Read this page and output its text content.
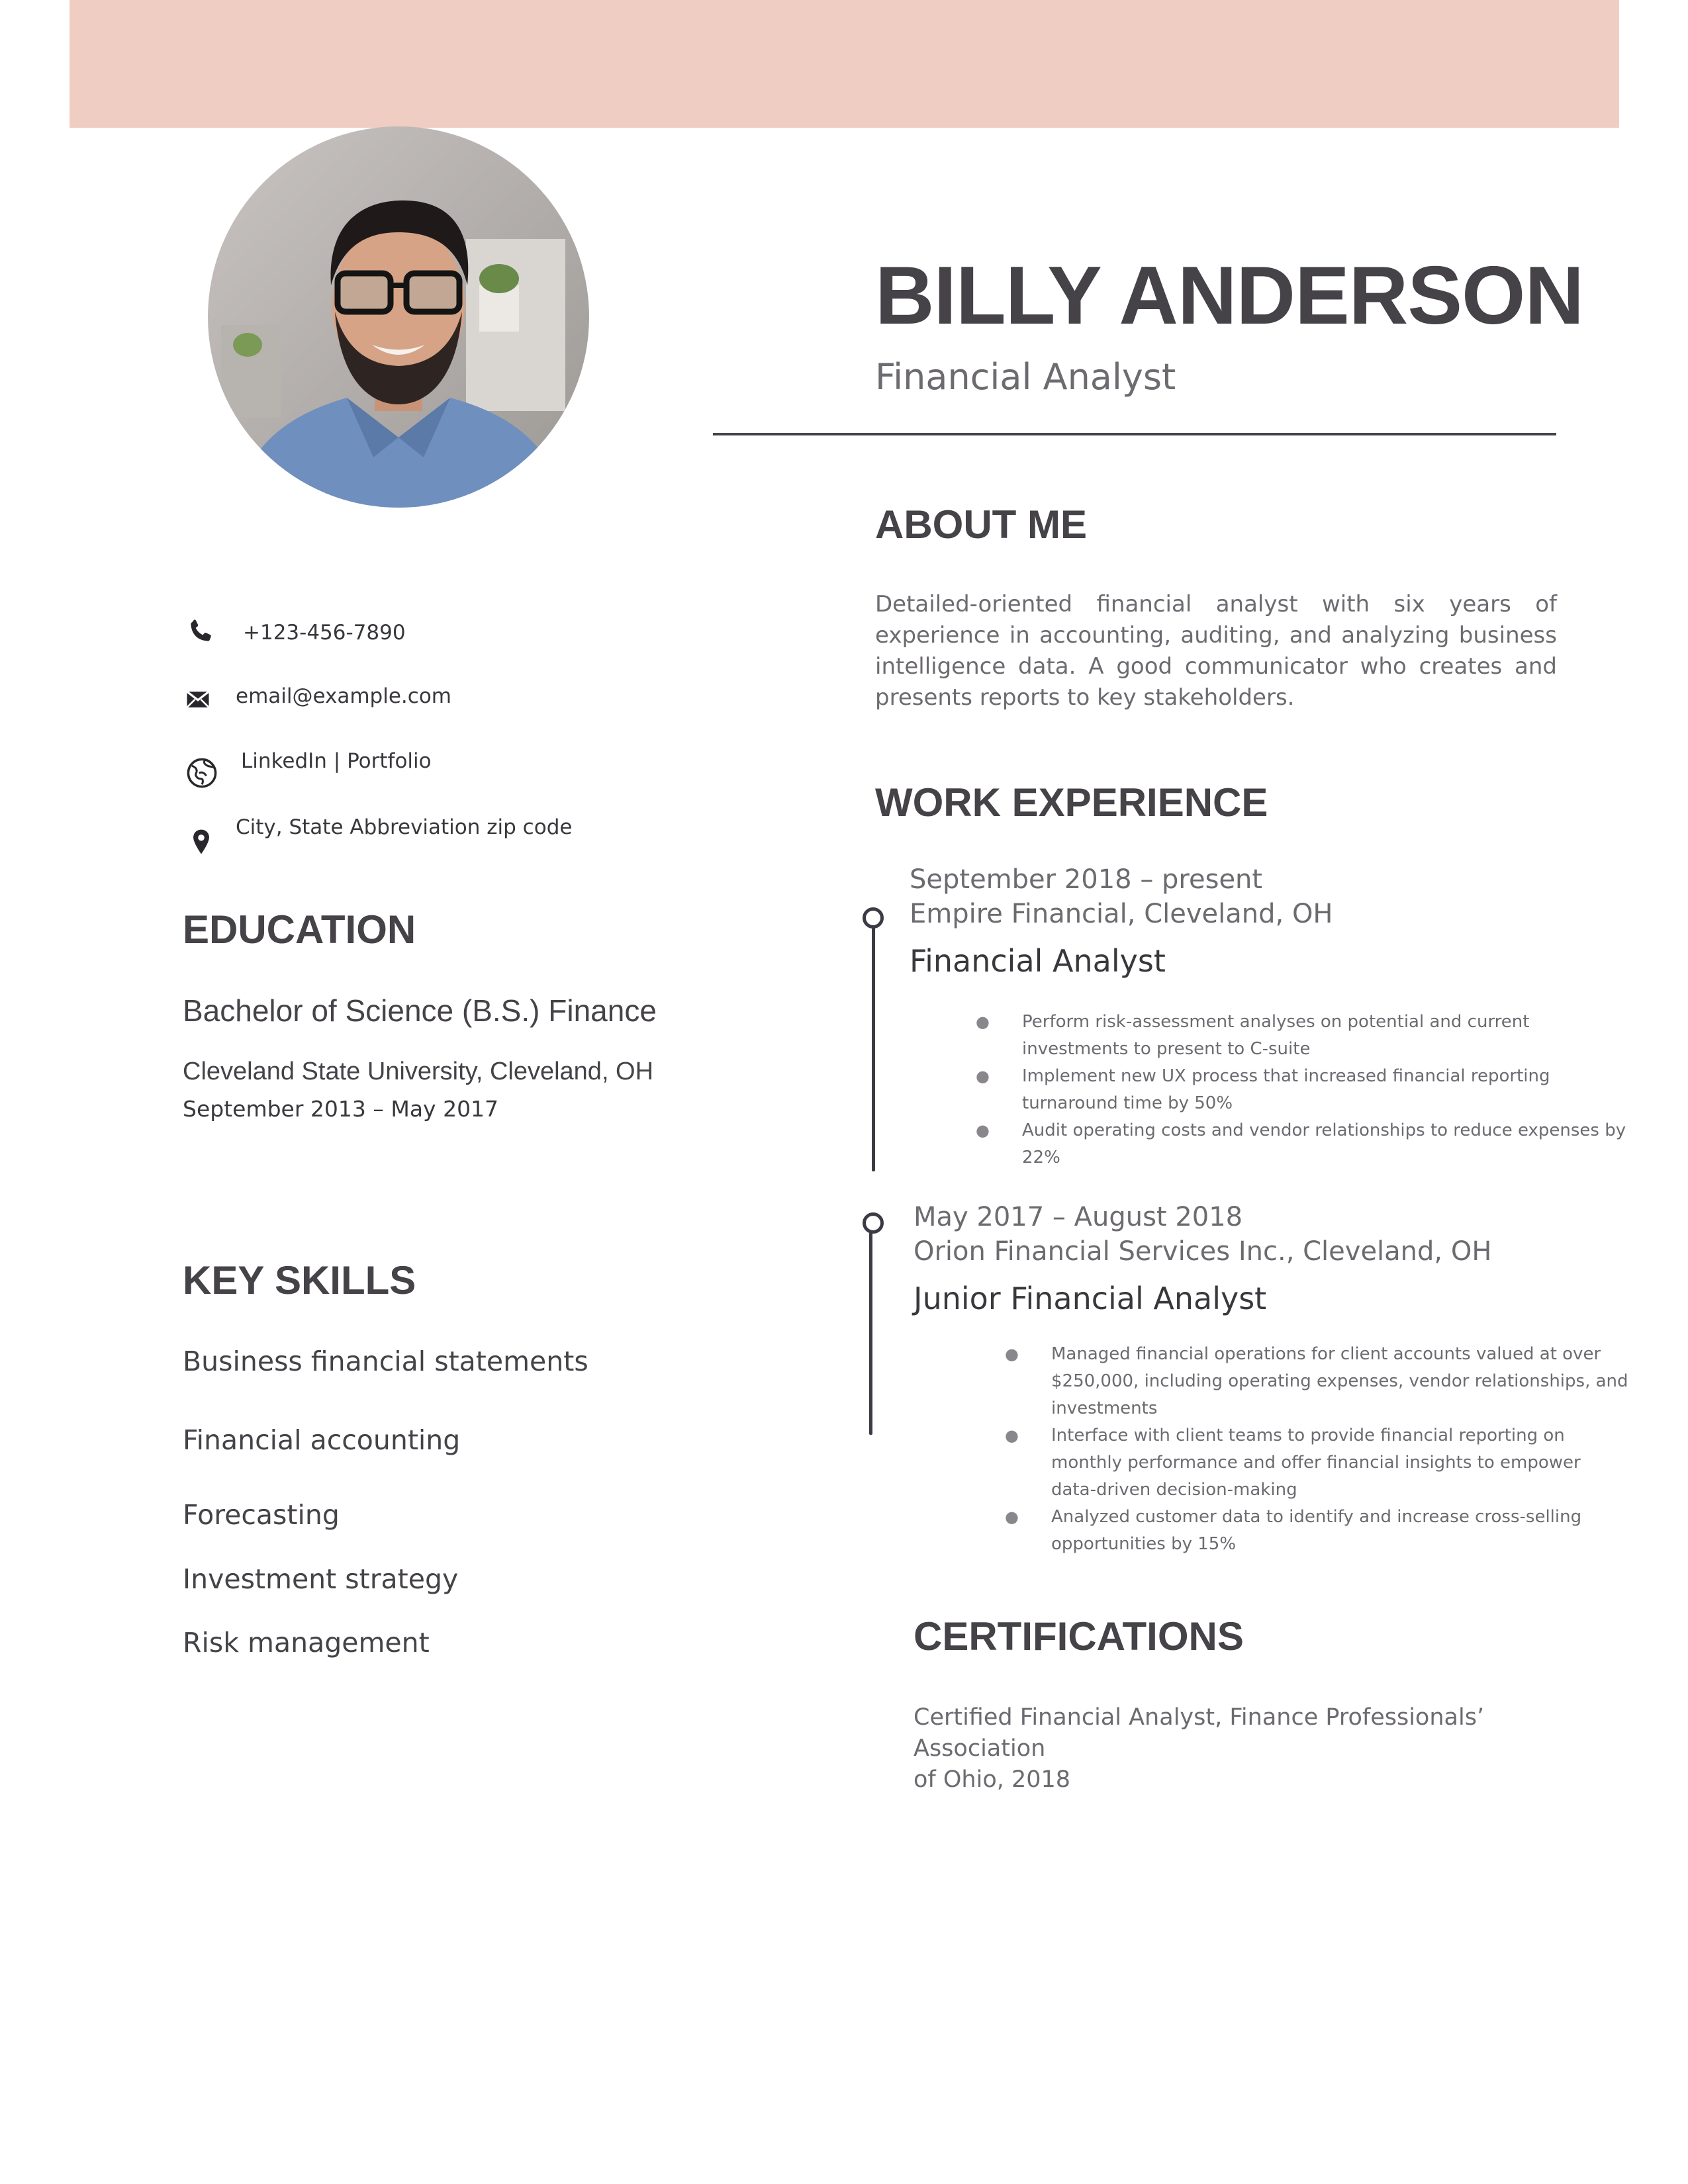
BILLY ANDERSON
Financial Analyst
ABOUT ME
Detailed-oriented financial analyst with six years of experience in accounting, auditing, and analyzing business intelligence data. A good communicator who creates and presents reports to key stakeholders.
+123-456-7890
email@example.com
LinkedIn | Portfolio
City, State Abbreviation zip code
EDUCATION
Bachelor of Science (B.S.) Finance
Cleveland State University, Cleveland, OH
September 2013 – May 2017
KEY SKILLS
Business financial statements
Financial accounting
Forecasting
Investment strategy
Risk management
WORK EXPERIENCE
September 2018 – present
Empire Financial, Cleveland, OH
Financial Analyst
● Perform risk-assessment analyses on potential and current
investments to present to C-suite
● Implement new UX process that increased financial reporting
turnaround time by 50%
● Audit operating costs and vendor relationships to reduce expenses by
22%
May 2017 – August 2018
Orion Financial Services Inc., Cleveland, OH
Junior Financial Analyst
● Managed financial operations for client accounts valued at over
$250,000, including operating expenses, vendor relationships, and
investments
● Interface with client teams to provide financial reporting on
monthly performance and offer financial insights to empower
data-driven decision-making
● Analyzed customer data to identify and increase cross-selling
opportunities by 15%
CERTIFICATIONS
Certified Financial Analyst, Finance Professionals’ Association
of Ohio, 2018
